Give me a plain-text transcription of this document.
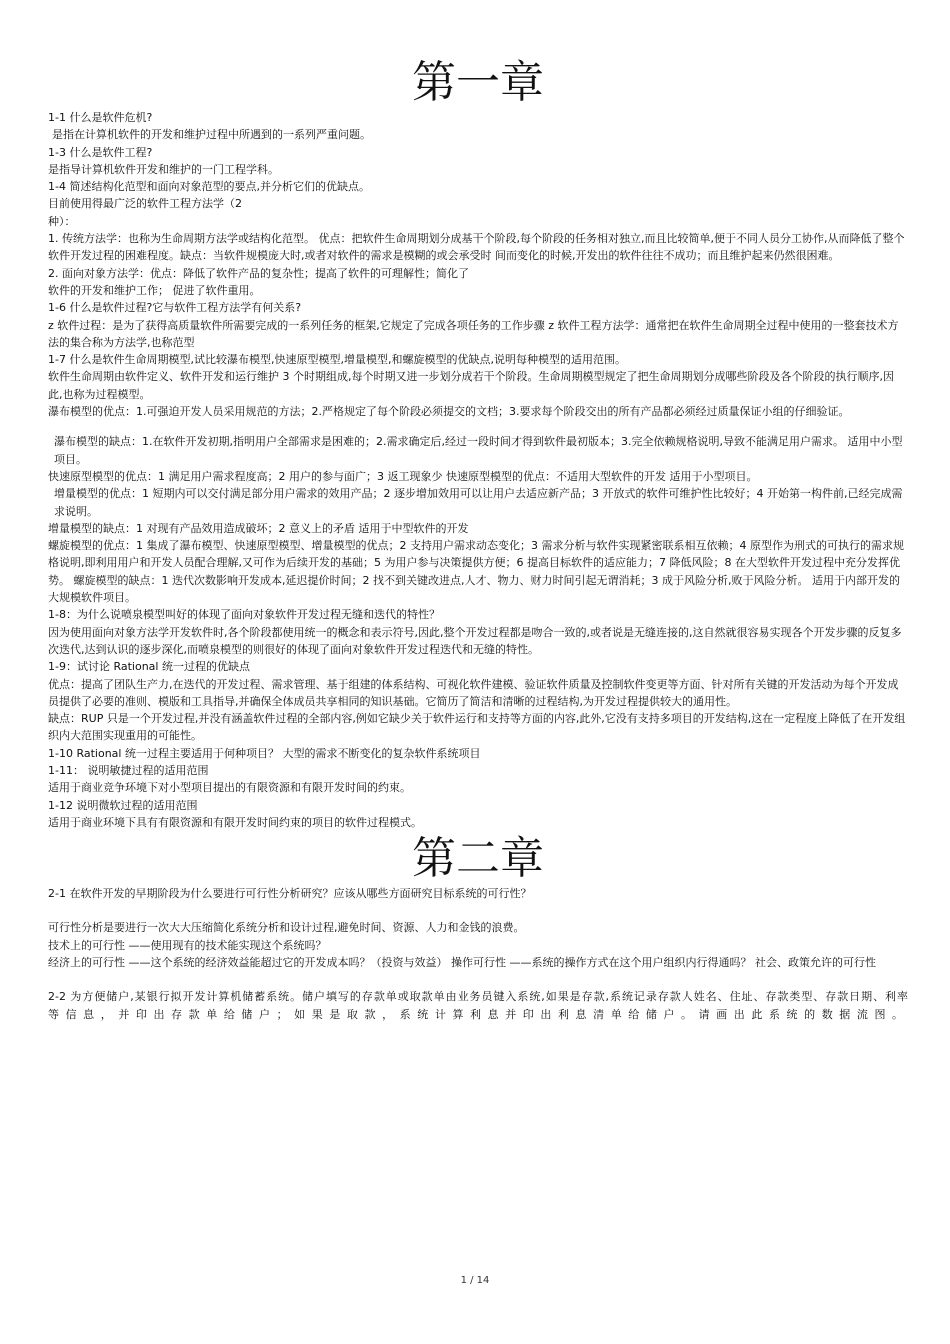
第一章

1-1 什么是软件危机?

是指在计算机软件的开发和维护过程中所遇到的一系列严重问题。

1-3 什么是软件工程?

是指导计算机软件开发和维护的一门工程学科。

1-4 简述结构化范型和面向对象范型的要点,并分析它们的优缺点。

目前使用得最广泛的软件工程方法学（2

种）：

1. 传统方法学：也称为生命周期方法学或结构化范型。 优点：把软件生命周期划分成基干个阶段,每个阶段的任务相对独立,而且比较简单,便于不同人员分工协作,从而降低了整个软件开发过程的困难程度。缺点：当软件规模庞大时,或者对软件的需求是模糊的或会承受时 间而变化的时候,开发出的软件往往不成功；而且维护起来仍然很困难。

2. 面向对象方法学：优点：降低了软件产品的复杂性；提高了软件的可理解性；简化了

软件的开发和维护工作； 促进了软件重用。

1-6 什么是软件过程?它与软件工程方法学有何关系?

z 软件过程：是为了获得高质量软件所需要完成的一系列任务的框架,它规定了完成各项任务的工作步骤 z 软件工程方法学：通常把在软件生命周期全过程中使用的一整套技术方法的集合称为方法学,也称范型

1-7 什么是软件生命周期模型,试比较瀑布模型,快速原型模型,增量模型,和螺旋模型的优缺点,说明每种模型的适用范围。

软件生命周期由软件定义、软件开发和运行维护 3 个时期组成,每个时期又进一步划分成若干个阶段。生命周期模型规定了把生命周期划分成哪些阶段及各个阶段的执行顺序,因此,也称为过程模型。

瀑布模型的优点：1.可强迫开发人员采用规范的方法；2.严格规定了每个阶段必须提交的文档；3.要求每个阶段交出的所有产品都必须经过质量保证小组的仔细验证。

瀑布模型的缺点：1.在软件开发初期,指明用户全部需求是困难的；2.需求确定后,经过一段时间才得到软件最初版本；3.完全依赖规格说明,导致不能满足用户需求。 适用中小型项目。

快速原型模型的优点：1 满足用户需求程度高；2 用户的参与面广；3 返工现象少 快速原型模型的优点：不适用大型软件的开发 适用于小型项目。

增量模型的优点：1 短期内可以交付满足部分用户需求的效用产品；2 逐步增加效用可以让用户去适应新产品；3 开放式的软件可维护性比较好；4 开始第一构件前,已经完成需求说明。

增量模型的缺点：1 对现有产品效用造成破坏；2 意义上的矛盾 适用于中型软件的开发

螺旋模型的优点：1 集成了瀑布模型、快速原型模型、增量模型的优点；2 支持用户需求动态变化；3 需求分析与软件实现紧密联系相互依赖；4 原型作为刑式的可执行的需求规格说明,即利用用户和开发人员配合理解,又可作为后续开发的基础；5 为用户参与决策提供方便；6 提高目标软件的适应能力；7 降低风险；8 在大型软件开发过程中充分发挥优势。 螺旋模型的缺点：1 迭代次数影响开发成本,延迟提价时间；2 找不到关键改进点,人才、物力、财力时间引起无谓消耗；3 成于风险分析,败于风险分析。 适用于内部开发的大规模软件项目。

1-8：为什么说喷泉模型叫好的体现了面向对象软件开发过程无缝和迭代的特性？

因为使用面向对象方法学开发软件时,各个阶段都使用统一的概念和表示符号,因此,整个开发过程都是吻合一致的,或者说是无缝连接的,这自然就很容易实现各个开发步骤的反复多次迭代,达到认识的逐步深化,而喷泉模型的则很好的体现了面向对象软件开发过程迭代和无缝的特性。

1-9：试讨论 Rational 统一过程的优缺点

优点：提高了团队生产力,在迭代的开发过程、需求管理、基于组建的体系结构、可视化软件建模、验证软件质量及控制软件变更等方面、针对所有关键的开发活动为每个开发成员提供了必要的准则、模版和工具指导,并确保全体成员共享相同的知识基础。它简历了简洁和清晰的过程结构,为开发过程提供较大的通用性。

缺点：RUP 只是一个开发过程,并没有涵盖软件过程的全部内容,例如它缺少关于软件运行和支持等方面的内容,此外,它没有支持多项目的开发结构,这在一定程度上降低了在开发组织内大范围实现重用的可能性。

1-10 Rational 统一过程主要适用于何种项目？ 大型的需求不断变化的复杂软件系统项目

1-11： 说明敏捷过程的适用范围

适用于商业竞争环境下对小型项目提出的有限资源和有限开发时间的约束。

1-12 说明微软过程的适用范围

适用于商业环境下具有有限资源和有限开发时间约束的项目的软件过程模式。

第二章

2-1 在软件开发的早期阶段为什么要进行可行性分析研究？应该从哪些方面研究目标系统的可行性？

可行性分析是要进行一次大大压缩简化系统分析和设计过程,避免时间、资源、人力和金钱的浪费。

技术上的可行性 ——使用现有的技术能实现这个系统吗？

经济上的可行性 ——这个系统的经济效益能超过它的开发成本吗？（投资与效益） 操作可行性 ——系统的操作方式在这个用户组织内行得通吗？ 社会、政策允许的可行性

2-2 为方便储户,某银行拟开发计算机储蓄系统。储户填写的存款单或取款单由业务员键入系统,如果是存款,系统记录存款人姓名、住址、存款类型、存款日期、利率

等信息，并印出存款单给储户；如果是取款，系统计算利息并印出利息清单给储户。请画出此系统的数据流图。

1 / 14
